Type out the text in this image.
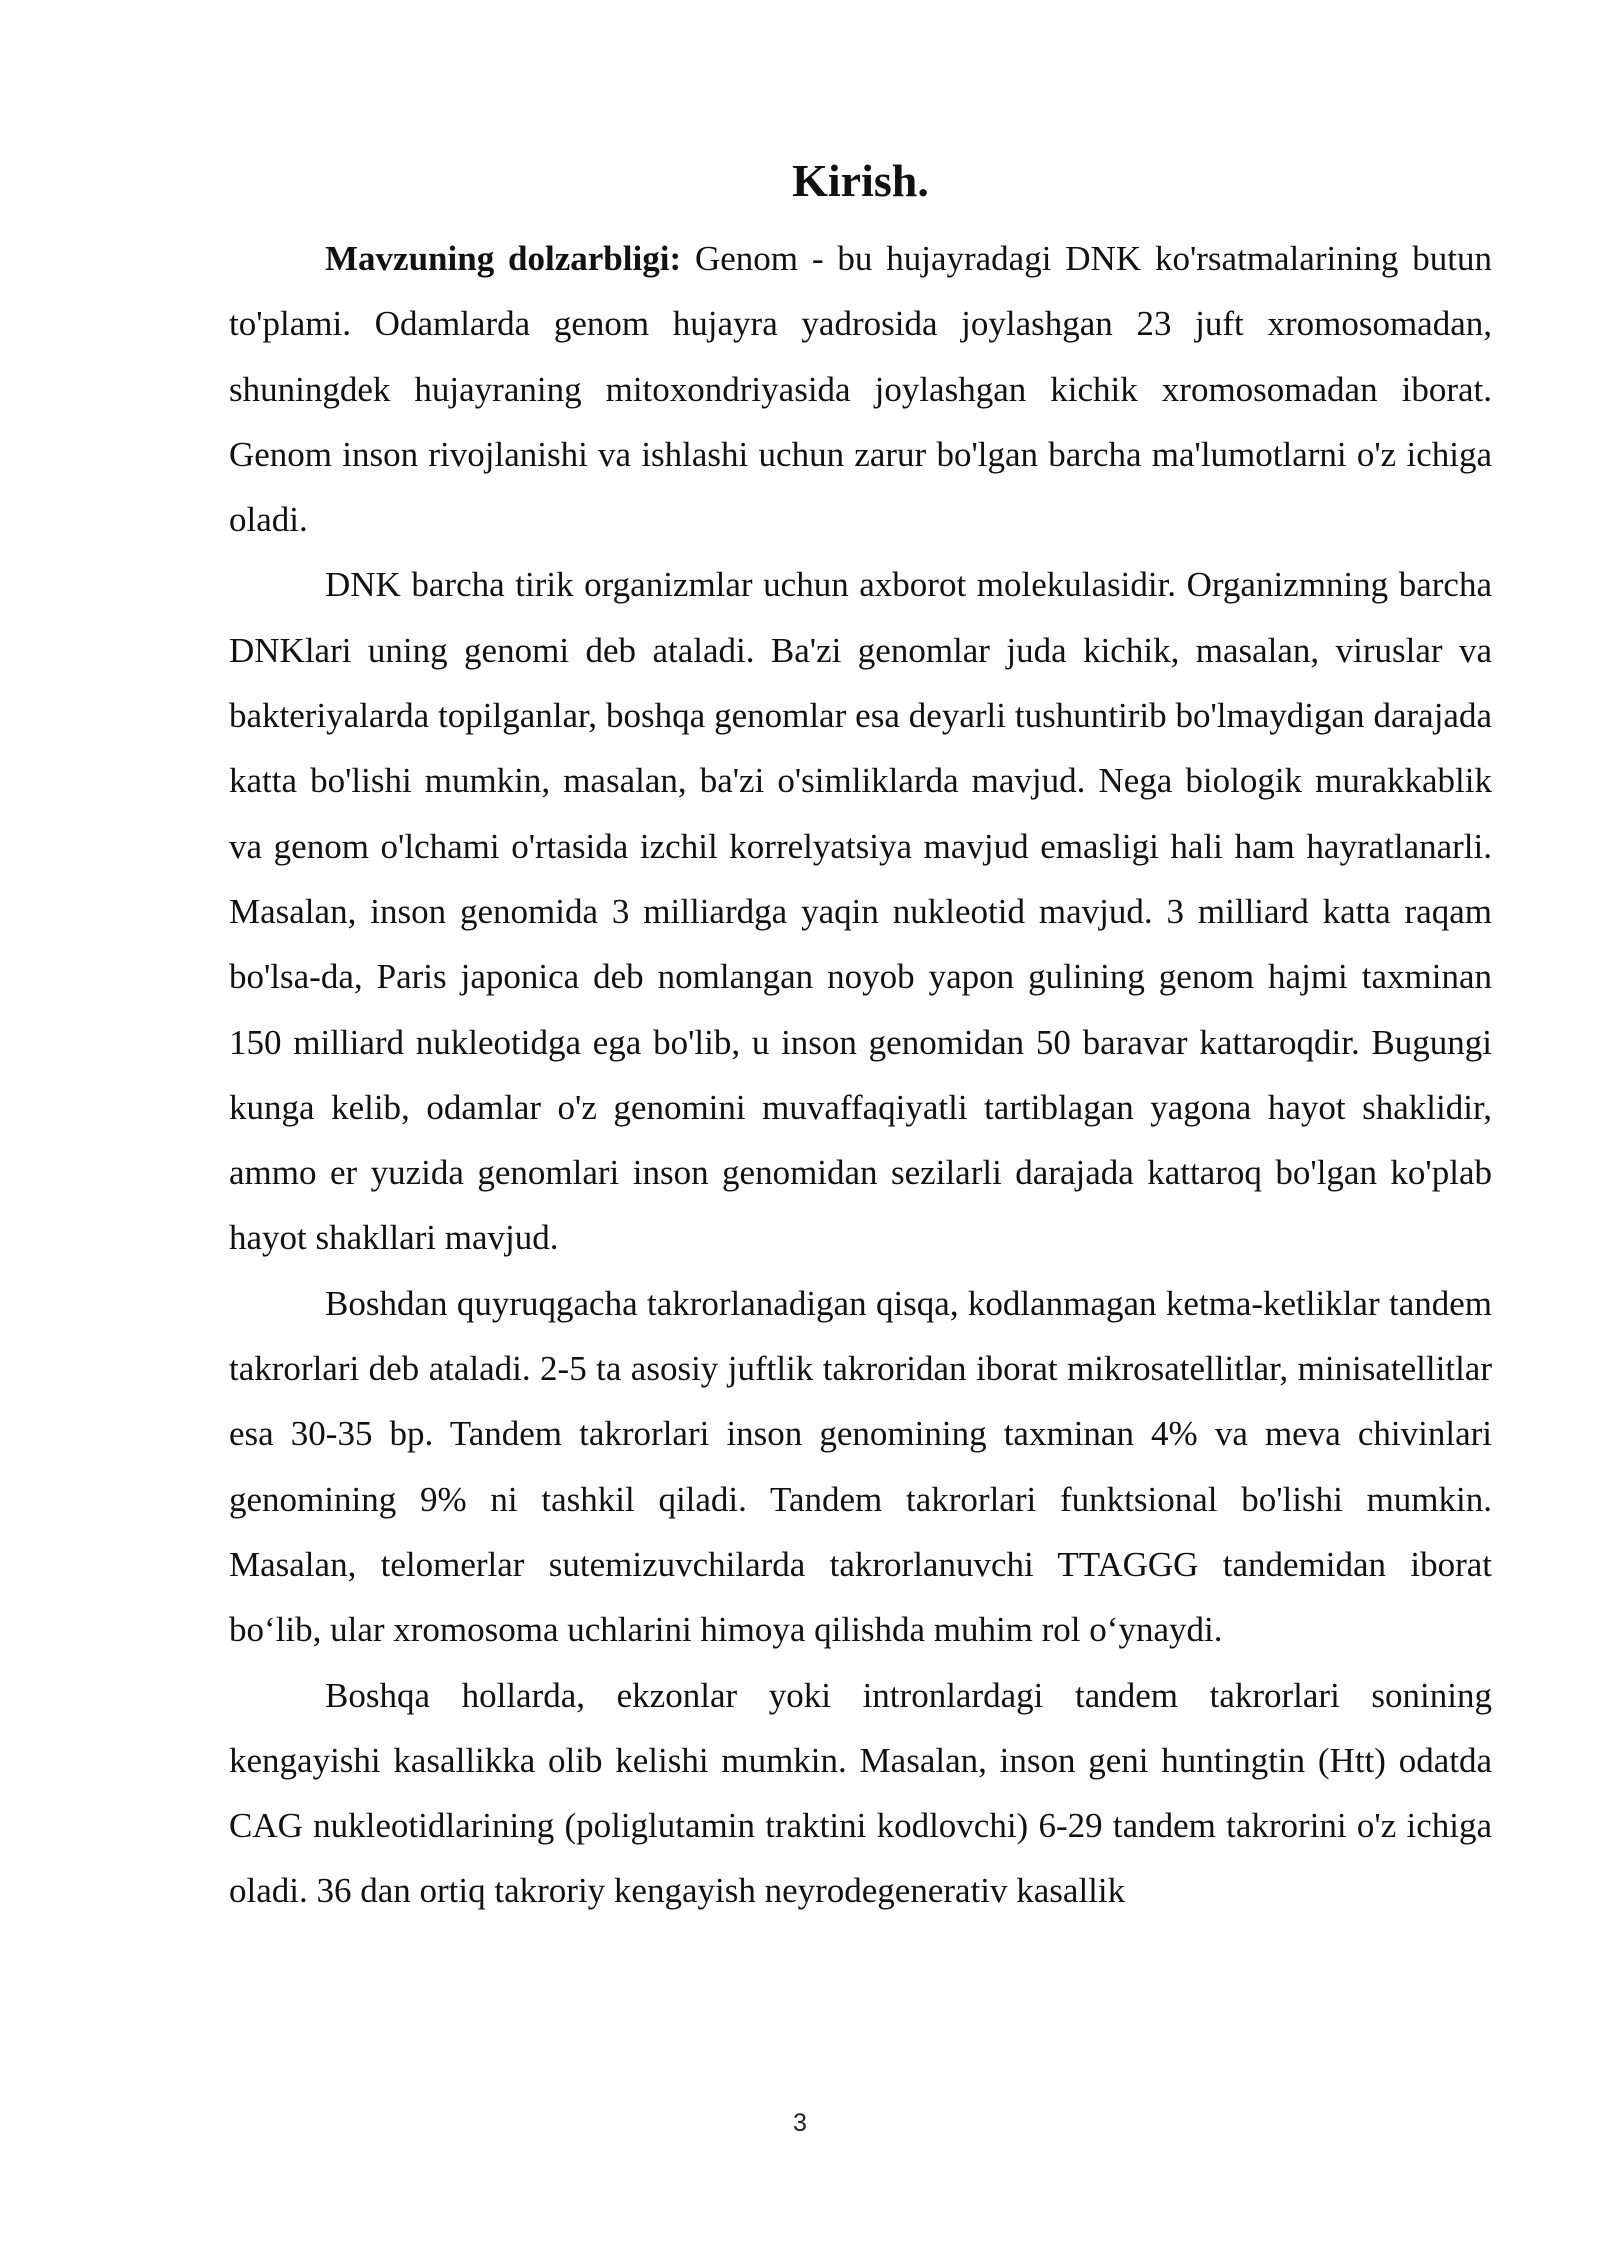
Kirish.

Mavzuning dolzarbligi: Genom - bu hujayradagi DNK ko'rsatmalarining butun to'plami. Odamlarda genom hujayra yadrosida joylashgan 23 juft xromosomadan, shuningdek hujayraning mitoxondriyasida joylashgan kichik xromosomadan iborat. Genom inson rivojlanishi va ishlashi uchun zarur bo'lgan barcha ma'lumotlarni o'z ichiga oladi.

DNK barcha tirik organizmlar uchun axborot molekulasidir. Organizmning barcha DNKlari uning genomi deb ataladi. Ba'zi genomlar juda kichik, masalan, viruslar va bakteriyalarda topilganlar, boshqa genomlar esa deyarli tushuntirib bo'lmaydigan darajada katta bo'lishi mumkin, masalan, ba'zi o'simliklarda mavjud. Nega biologik murakkablik va genom o'lchami o'rtasida izchil korrelyatsiya mavjud emasligi hali ham hayratlanarli. Masalan, inson genomida 3 milliardga yaqin nukleotid mavjud. 3 milliard katta raqam bo'lsa-da, Paris japonica deb nomlangan noyob yapon gulining genom hajmi taxminan 150 milliard nukleotidga ega bo'lib, u inson genomidan 50 baravar kattaroqdir. Bugungi kunga kelib, odamlar o'z genomini muvaffaqiyatli tartiblagan yagona hayot shaklidir, ammo er yuzida genomlari inson genomidan sezilarli darajada kattaroq bo'lgan ko'plab hayot shakllari mavjud.

Boshdan quyruqgacha takrorlanadigan qisqa, kodlanmagan ketma-ketliklar tandem takrorlari deb ataladi. 2-5 ta asosiy juftlik takroridan iborat mikrosatellitlar, minisatellitlar esa 30-35 bp. Tandem takrorlari inson genomining taxminan 4% va meva chivinlari genomining 9% ni tashkil qiladi. Tandem takrorlari funktsional bo'lishi mumkin. Masalan, telomerlar sutemizuvchilarda takrorlanuvchi TTAGGG tandemidan iborat bo‘lib, ular xromosoma uchlarini himoya qilishda muhim rol o‘ynaydi.

Boshqa hollarda, ekzonlar yoki intronlardagi tandem takrorlari sonining kengayishi kasallikka olib kelishi mumkin. Masalan, inson geni huntingtin (Htt) odatda CAG nukleotidlarining (poliglutamin traktini kodlovchi) 6-29 tandem takrorini o'z ichiga oladi. 36 dan ortiq takroriy kengayish neyrodegenerativ kasallik

3
